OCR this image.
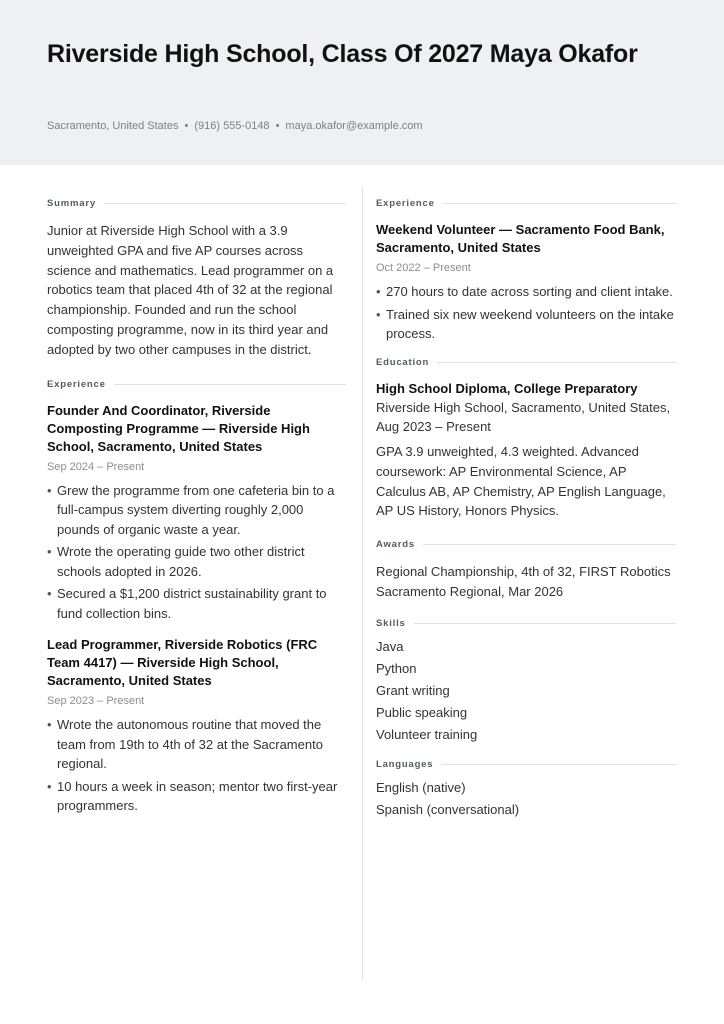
Riverside High School, Class Of 2027 Maya Okafor
Sacramento, United States • (916) 555-0148 • maya.okafor@example.com
Summary

Junior at Riverside High School with a 3.9 unweighted GPA and five AP courses across science and mathematics. Lead programmer on a robotics team that placed 4th of 32 at the regional championship. Founded and run the school composting programme, now in its third year and adopted by two other campuses in the district.

Experience

Founder And Coordinator, Riverside Composting Programme — Riverside High School, Sacramento, United States

Sep 2024 – Present

• Grew the programme from one cafeteria bin to a full-campus system diverting roughly 2,000 pounds of organic waste a year.
• Wrote the operating guide two other district schools adopted in 2026.
• Secured a $1,200 district sustainability grant to fund collection bins.

Lead Programmer, Riverside Robotics (FRC Team 4417) — Riverside High School, Sacramento, United States

Sep 2023 – Present

• Wrote the autonomous routine that moved the team from 19th to 4th of 32 at the Sacramento regional.
• 10 hours a week in season; mentor two first-year programmers.
Experience

Weekend Volunteer — Sacramento Food Bank, Sacramento, United States

Oct 2022 – Present

• 270 hours to date across sorting and client intake.
• Trained six new weekend volunteers on the intake process.
Education

High School Diploma, College Preparatory

Riverside High School, Sacramento, United States, Aug 2023 – Present

GPA 3.9 unweighted, 4.3 weighted. Advanced coursework: AP Environmental Science, AP Calculus AB, AP Chemistry, AP English Language, AP US History, Honors Physics.

Awards

Regional Championship, 4th of 32, FIRST Robotics Sacramento Regional, Mar 2026

Skills
Java
Python
Grant writing
Public speaking
Volunteer training
Languages
English (native)
Spanish (conversational)
